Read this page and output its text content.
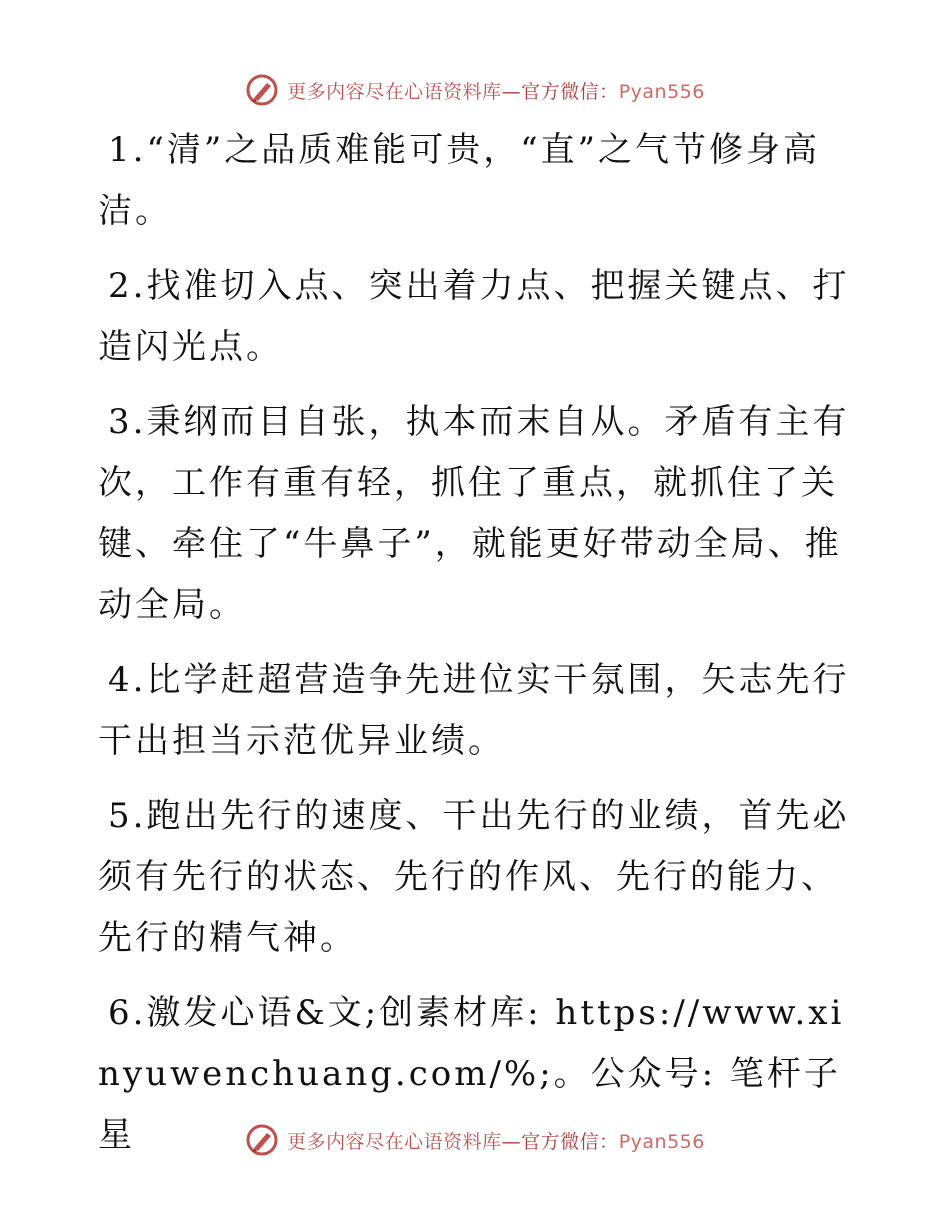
更多内容尽在心语资料库—官方微信：Pyan556

1.“清”之品质难能可贵，“直”之气节修身高洁。

2.找准切入点、突出着力点、把握关键点、打造闪光点。

3.秉纲而目自张，执本而末自从。矛盾有主有次，工作有重有轻，抓住了重点，就抓住了关键、牵住了“牛鼻子”，就能更好带动全局、推动全局。

4.比学赶超营造争先进位实干氛围，矢志先行干出担当示范优异业绩。

5.跑出先行的速度、干出先行的业绩，首先必须有先行的状态、先行的作风、先行的能力、先行的精气神。

6.激发心语&文;创素材库: https://www.xinyuwenchuang.com/%;。公众号: 笔杆子星	更多内容尽在心语资料库—官方微信：Pyan556
